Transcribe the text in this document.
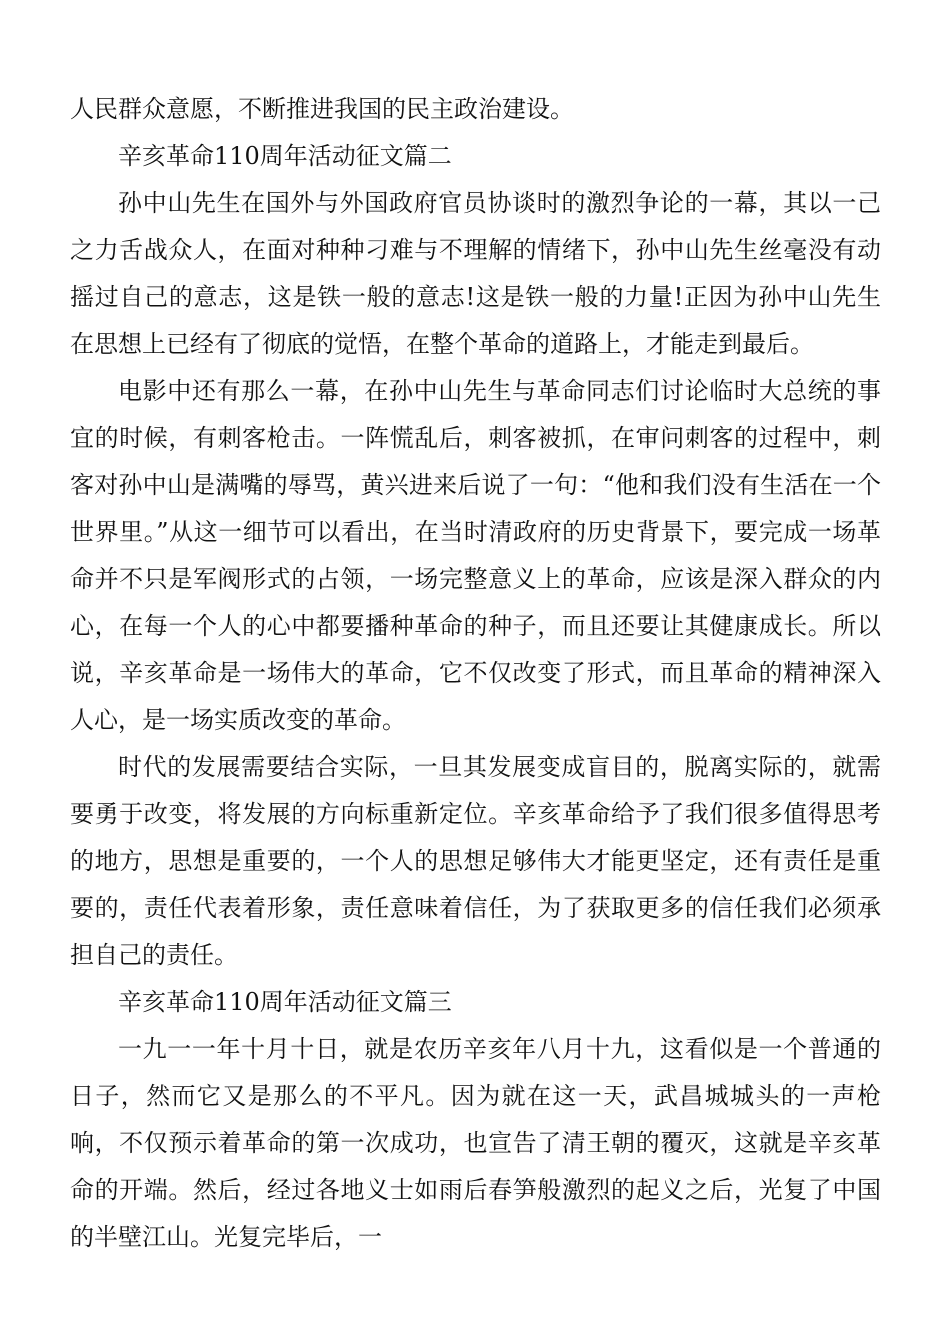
人民群众意愿，不断推进我国的民主政治建设。

辛亥革命110周年活动征文篇二

孙中山先生在国外与外国政府官员协谈时的激烈争论的一幕，其以一己之力舌战众人，在面对种种刁难与不理解的情绪下，孙中山先生丝毫没有动摇过自己的意志，这是铁一般的意志!这是铁一般的力量!正因为孙中山先生在思想上已经有了彻底的觉悟，在整个革命的道路上，才能走到最后。

电影中还有那么一幕，在孙中山先生与革命同志们讨论临时大总统的事宜的时候，有刺客枪击。一阵慌乱后，刺客被抓，在审问刺客的过程中，刺客对孙中山是满嘴的辱骂，黄兴进来后说了一句：“他和我们没有生活在一个世界里。”从这一细节可以看出，在当时清政府的历史背景下，要完成一场革命并不只是军阀形式的占领，一场完整意义上的革命，应该是深入群众的内心，在每一个人的心中都要播种革命的种子，而且还要让其健康成长。所以说，辛亥革命是一场伟大的革命，它不仅改变了形式，而且革命的精神深入人心，是一场实质改变的革命。

时代的发展需要结合实际，一旦其发展变成盲目的，脱离实际的，就需要勇于改变，将发展的方向标重新定位。辛亥革命给予了我们很多值得思考的地方，思想是重要的，一个人的思想足够伟大才能更坚定，还有责任是重要的，责任代表着形象，责任意味着信任，为了获取更多的信任我们必须承担自己的责任。

辛亥革命110周年活动征文篇三

一九一一年十月十日，就是农历辛亥年八月十九，这看似是一个普通的日子，然而它又是那么的不平凡。因为就在这一天，武昌城城头的一声枪响，不仅预示着革命的第一次成功，也宣告了清王朝的覆灭，这就是辛亥革命的开端。然后，经过各地义士如雨后春笋般激烈的起义之后，光复了中国的半壁江山。光复完毕后，一
